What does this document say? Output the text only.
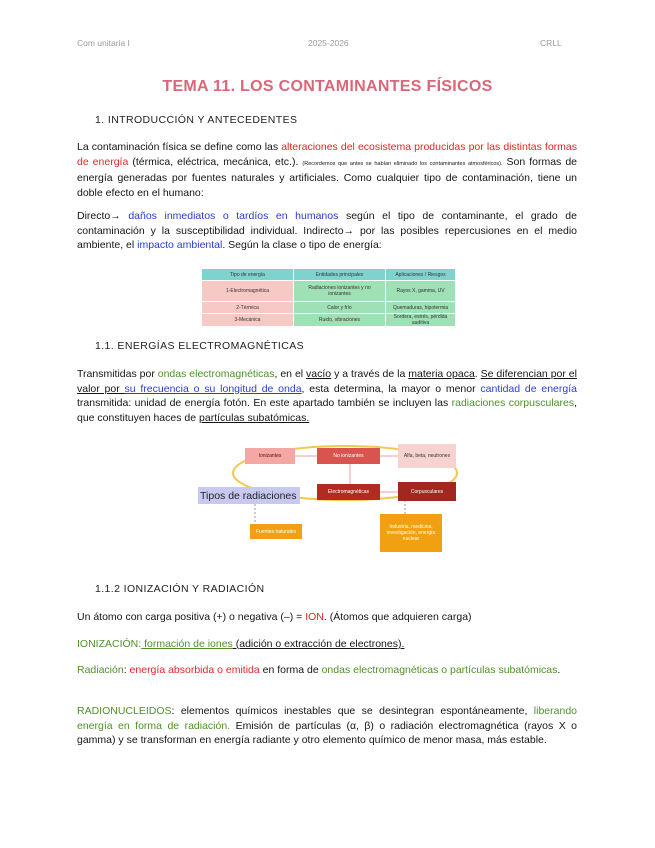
Com unitaria I	2025-2026	CRLL
TEMA 11. LOS CONTAMINANTES FÍSICOS
1. INTRODUCCIÓN Y ANTECEDENTES
La contaminación física se define como las alteraciones del ecosistema producidas por las distintas formas de energía (térmica, eléctrica, mecánica, etc.). (Recordemos que antes se habían eliminado los contaminantes atmosféricos). Son formas de energía generadas por fuentes naturales y artificiales. Como cualquier tipo de contaminación, tiene un doble efecto en el humano:
Directo→ daños inmediatos o tardíos en humanos según el tipo de contaminante, el grado de contaminación y la susceptibilidad individual. Indirecto→ por las posibles repercusiones en el medio ambiente, el impacto ambiental. Según la clase o tipo de energía:
Tipo de energía	Entidades principales	Aplicaciones / Riesgos
1-Electromagnética	Radiaciones ionizantes y no ionizantes	Rayos X, gamma, UV
2-Térmica	Calor y frío	Quemaduras, hipotermia
3-Mecánica	Ruido, vibraciones	Sordera, estrés, pérdida auditiva
1.1. ENERGÍAS ELECTROMAGNÉTICAS
Transmitidas por ondas electromagnéticas, en el vacío y a través de la materia opaca. Se diferencian por el valor por su frecuencia o su longitud de onda, esta determina, la mayor o menor cantidad de energía transmitida: unidad de energía fotón. En este apartado también se incluyen las radiaciones corpusculares, que constituyen haces de partículas subatómicas.
Ionizantes	No ionizantes	Alfa, beta, neutrones
Electromagnéticas	Corpusculares
Tipos de radiaciones
Fuentes naturales
Industria, medicina, investigación, energía nuclear
1.1.2 IONIZACIÓN Y RADIACIÓN
Un átomo con carga positiva (+) o negativa (–) = ION. (Átomos que adquieren carga)
IONIZACIÓN: formación de iones (adición o extracción de electrones).
Radiación: energía absorbida o emitida en forma de ondas electromagnéticas o partículas subatómicas.
RADIONUCLEIDOS: elementos químicos inestables que se desintegran espontáneamente, liberando energía en forma de radiación. Emisión de partículas (α, β) o radiación electromagnética (rayos X o gamma) y se transforman en energía radiante y otro elemento químico de menor masa, más estable.
